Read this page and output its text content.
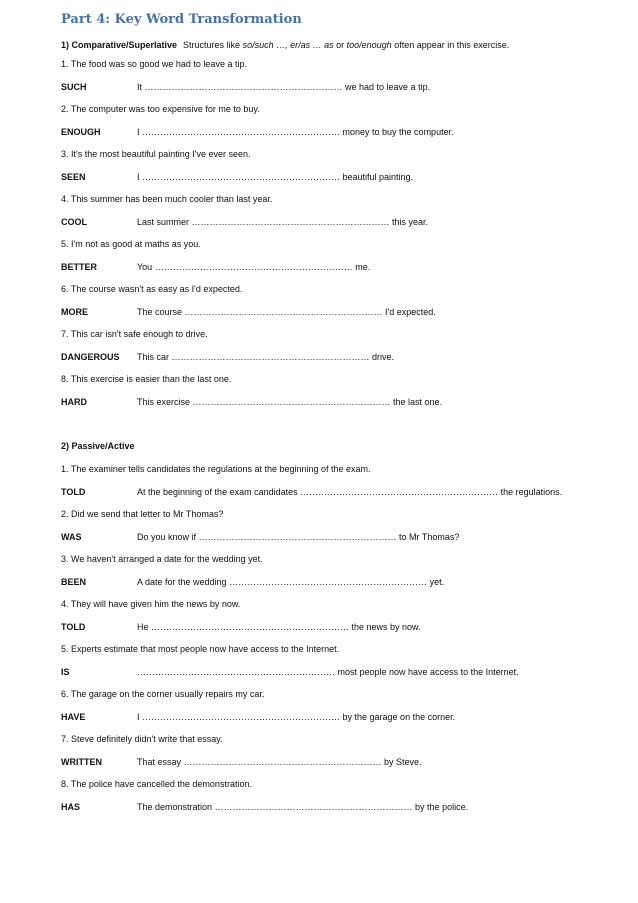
Part 4: Key Word Transformation
1) Comparative/Superlative Structures like so/such …, er/as … as or too/enough often appear in this exercise.
1. The food was so good we had to leave a tip.
SUCH	It ………………………………………………………… we had to leave a tip.
2. The computer was too expensive for me to buy.
ENOUGH	I ………………………………………………………… money to buy the computer.
3. It's the most beautiful painting I've ever seen.
SEEN	I ………………………………………………………… beautiful painting.
4. This summer has been much cooler than last year.
COOL	Last summer ………………………………………………………… this year.
5. I'm not as good at maths as you.
BETTER	You ………………………………………………………… me.
6. The course wasn't as easy as I'd expected.
MORE	The course ………………………………………………………… I'd expected.
7. This car isn't safe enough to drive.
DANGEROUS This car ………………………………………………………… drive.
8. This exercise is easier than the last one.
HARD	This exercise ………………………………………………………… the last one.
2) Passive/Active
1. The examiner tells candidates the regulations at the beginning of the exam.
TOLD	At the beginning of the exam candidates ………………………………………………………… the regulations.
2. Did we send that letter to Mr Thomas?
WAS	Do you know if ………………………………………………………… to Mr Thomas?
3. We haven't arranged a date for the wedding yet.
BEEN	A date for the wedding ………………………………………………………… yet.
4. They will have given him the news by now.
TOLD	He ………………………………………………………… the news by now.
5. Experts estimate that most people now have access to the Internet.
IS	………………………………………………………… most people now have access to the Internet.
6. The garage on the corner usually repairs my car.
HAVE	I ………………………………………………………… by the garage on the corner.
7. Steve definitely didn't write that essay.
WRITTEN	That essay ………………………………………………………… by Steve.
8. The police have cancelled the demonstration.
HAS	The demonstration ………………………………………………………… by the police.
